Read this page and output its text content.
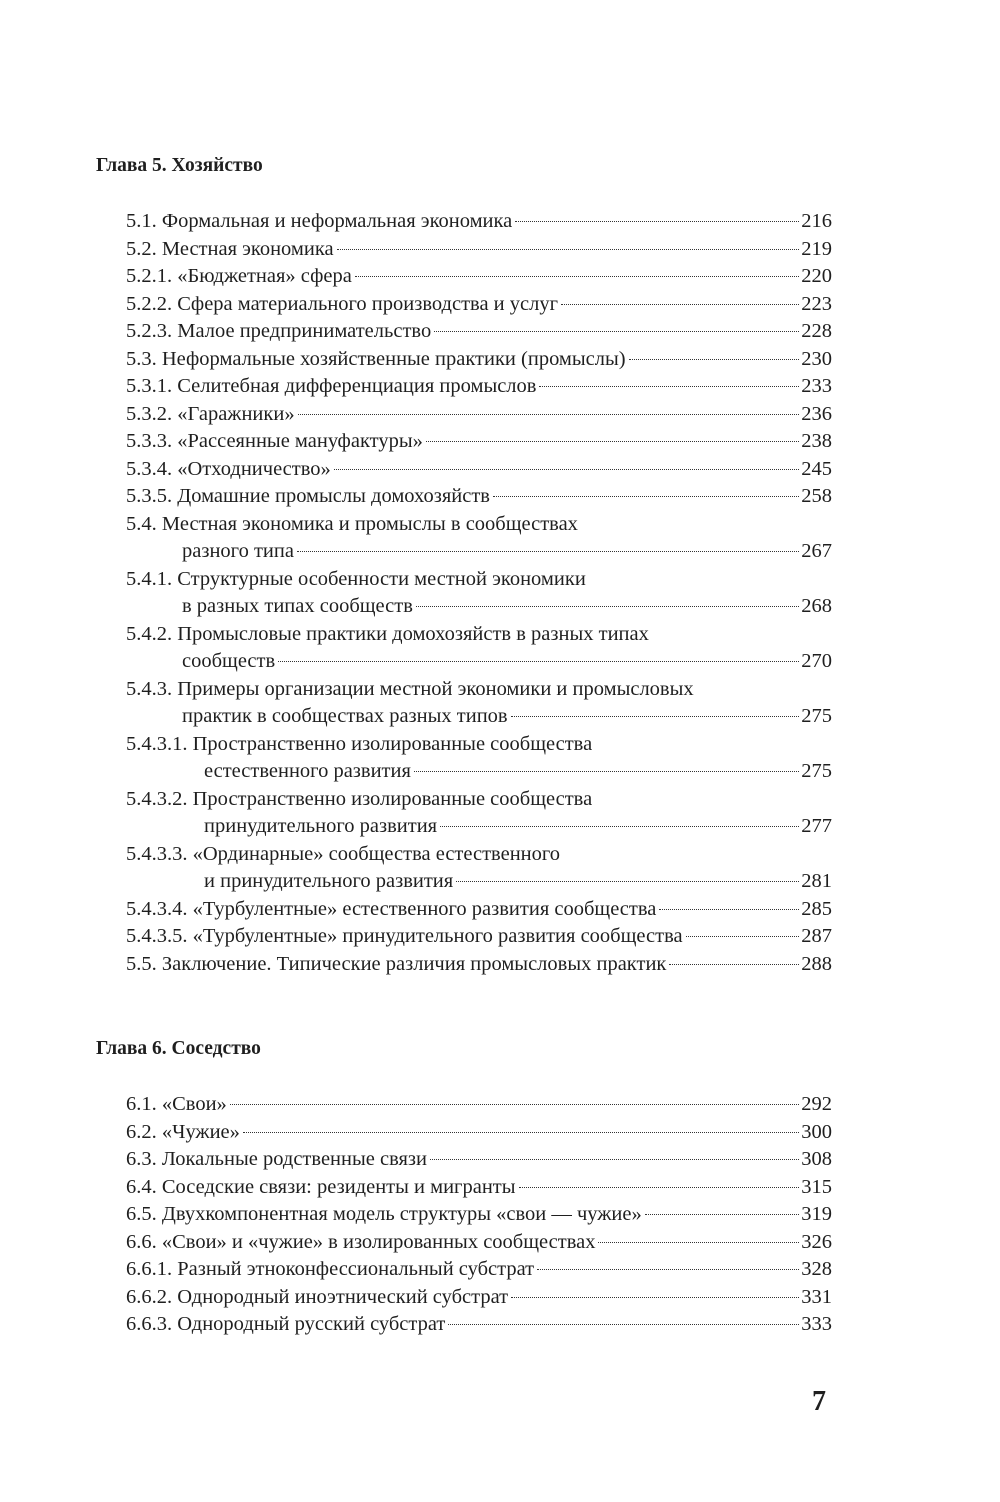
Глава 5. Хозяйство
5.1. Формальная и неформальная экономика	216
5.2. Местная экономика	219
5.2.1. «Бюджетная» сфера	220
5.2.2. Сфера материального производства и услуг	223
5.2.3. Малое предпринимательство	228
5.3. Неформальные хозяйственные практики (промыслы)	230
5.3.1. Селитебная дифференциация промыслов	233
5.3.2. «Гаражники»	236
5.3.3. «Рассеянные мануфактуры»	238
5.3.4. «Отходничество»	245
5.3.5. Домашние промыслы домохозяйств	258
5.4. Местная экономика и промыслы в сообществах
разного типа	267
5.4.1. Структурные особенности местной экономики
в разных типах сообществ	268
5.4.2. Промысловые практики домохозяйств в разных типах
сообществ	270
5.4.3. Примеры организации местной экономики и промысловых
практик в сообществах разных типов	275
5.4.3.1. Пространственно изолированные сообщества
естественного развития	275
5.4.3.2. Пространственно изолированные сообщества
принудительного развития	277
5.4.3.3. «Ординарные» сообщества естественного
и принудительного развития	281
5.4.3.4. «Турбулентные» естественного развития сообщества	285
5.4.3.5. «Турбулентные» принудительного развития сообщества	287
5.5. Заключение. Типические различия промысловых практик	288
Глава 6. Соседство
6.1. «Свои»	292
6.2. «Чужие»	300
6.3. Локальные родственные связи	308
6.4. Соседские связи: резиденты и мигранты	315
6.5. Двухкомпонентная модель структуры «свои — чужие»	319
6.6. «Свои» и «чужие» в изолированных сообществах	326
6.6.1. Разный этноконфессиональный субстрат	328
6.6.2. Однородный иноэтнический субстрат	331
6.6.3. Однородный русский субстрат	333
7
